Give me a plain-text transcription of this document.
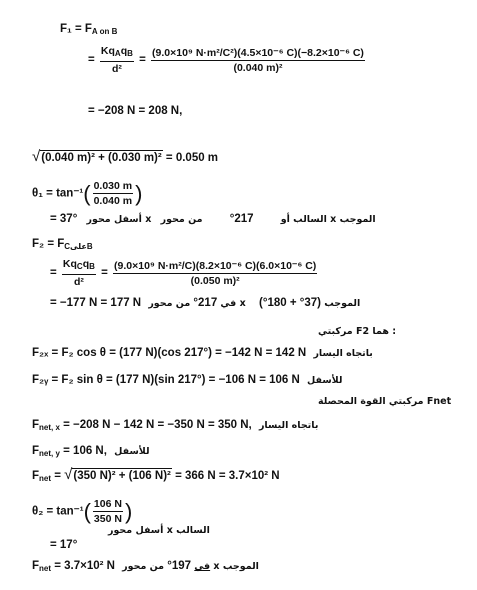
$F_1 = F_{A on B}$
= $\frac{Kq_Aq_B}{\text{d²}} = \frac{\text{(9.0×10⁹ N·m²/C²)(4.5×10⁻⁶ C)(−8.2×10⁻⁶ C)}}{\text{(0.040 m)²}}$
= −208 N = 208 N,
√(0.040 m)² + (0.030 m)² = 0.050 m
$\theta_1 = \tan^{-1}( \frac{0.030 m}{0.040 m}$ )
= 37° أسفل محور x السالب أو 217° من محور x الموجب
$F_2 = F_{CعلىB}$
= $\frac{Kq_Cq_B}{\text{d²}} = \frac{\text{(9.0×10⁹ N·m²/C)(8.2×10⁻⁶ C)(6.0×10⁻⁶ C)}}{\text{(0.050 m)²}}$
= −177 N = 177 N	في 217° من محور x الموجب (37° + 180°)
مركبتي F2 هما :
F₂ₓ = F₂ cos θ = (177 N)(cos 217°) = −142 N = 142 N باتجاه اليسار
F₂ᵧ = F₂ sin θ = (177 N)(sin 217°) = −106 N = 106 N للأسفل
مركبتي القوة المحصلة Fnet
$F_{net, x} = -208$ N − 142 N = −350 N = 350 N, باتجاه اليسار
$F_{net, y} = 106$ N, للأسفل
$F_{net} = √(350$ N)² + (106 N)² = 366 N = 3.7×10² N
$\theta_2 = \tan^{-1}( \frac{106 N}{350 N}$ )
أسفل محور x السالب
= 17°
$F_{net} = 3.7\times 10^2$ N	في 197° من محور x الموجب
